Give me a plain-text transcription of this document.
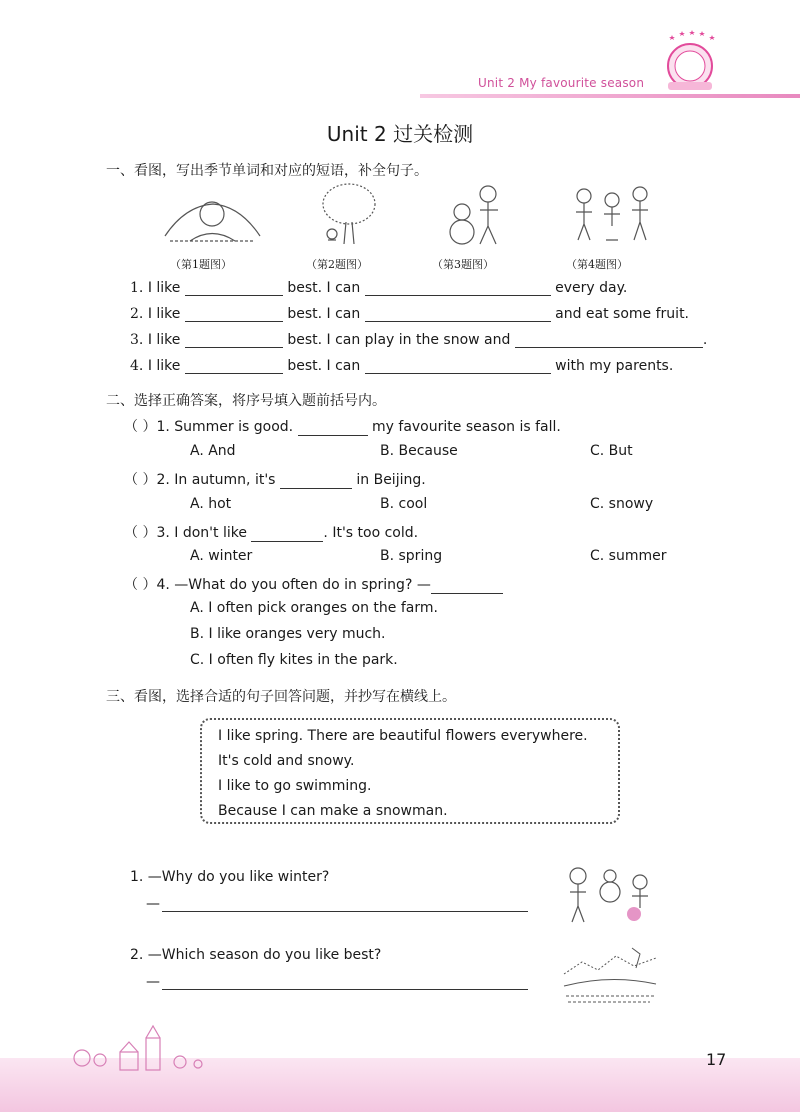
Unit 2 My favourite season
Unit 2 过关检测
一、看图，写出季节单词和对应的短语，补全句子。
（第1题图）	（第2题图）	（第3题图）	（第4题图）
1. I like	best. I can	every day.
2. I like	best. I can	and eat some fruit.
3. I like	best. I can play in the snow and	.
4. I like	best. I can	with my parents.
二、选择正确答案，将序号填入题前括号内。
（ ）1. Summer is good.	my favourite season is fall.
A. And	B. Because	C. But
（ ）2. In autumn, it's	in Beijing.
A. hot	B. cool	C. snowy
（ ）3. I don't like	. It's too cold.
A. winter	B. spring	C. summer
（ ）4. —What do you often do in spring? —
A. I often pick oranges on the farm.
B. I like oranges very much.
C. I often fly kites in the park.
三、看图，选择合适的句子回答问题，并抄写在横线上。
I like spring. There are beautiful flowers everywhere.
It's cold and snowy.
I like to go swimming.
Because I can make a snowman.
1. —Why do you like winter?
—
2. —Which season do you like best?
—
17
